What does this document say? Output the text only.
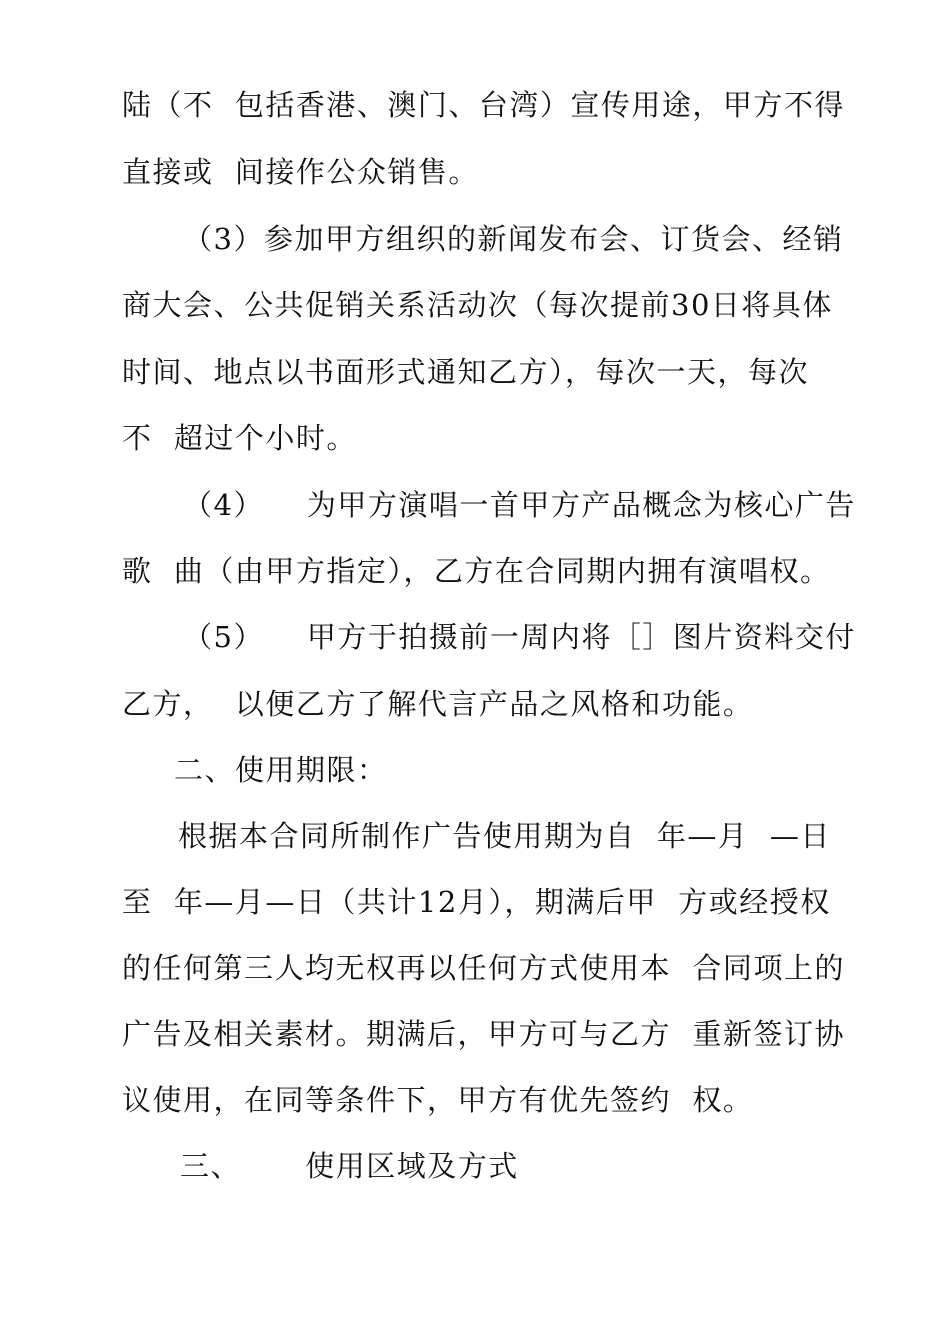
陆（不  包括香港、澳门、台湾）宣传用途，甲方不得
直接或  间接作公众销售。
（3）参加甲方组织的新闻发布会、订货会、经销
商大会、公共促销关系活动次（每次提前30日将具体
时间、地点以书面形式通知乙方），每次一天，每次
不  超过个小时。
（4）    为甲方演唱一首甲方产品概念为核心广告
歌  曲（由甲方指定），乙方在合同期内拥有演唱权。
（5）    甲方于拍摄前一周内将［］图片资料交付
乙方，  以便乙方了解代言产品之风格和功能。
二、使用期限：
根据本合同所制作广告使用期为自  年—月  —日
至  年—月—日（共计12月），期满后甲  方或经授权
的任何第三人均无权再以任何方式使用本  合同项上的
广告及相关素材。期满后，甲方可与乙方  重新签订协
议使用，在同等条件下，甲方有优先签约  权。
三、      使用区域及方式
